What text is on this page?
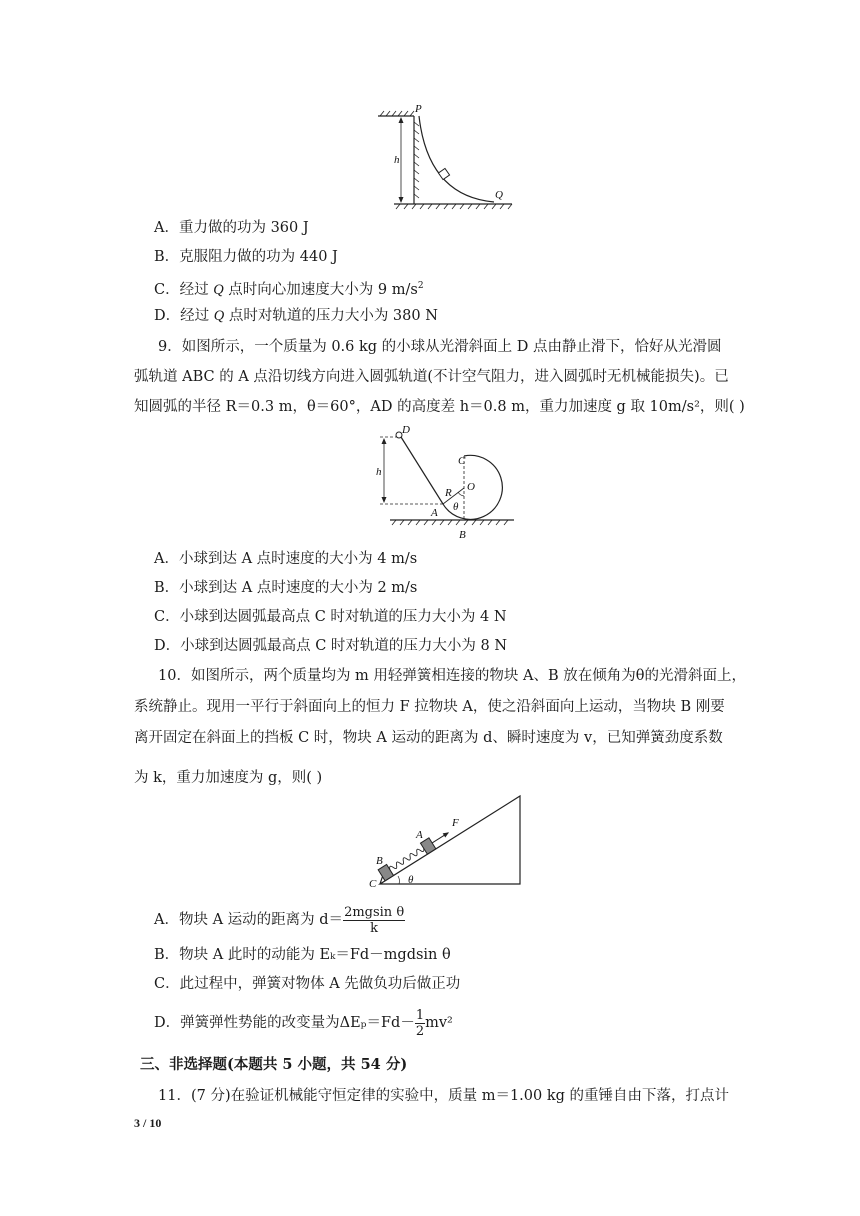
P
h
Q
A．重力做的功为 360 J
B．克服阻力做的功为 440 J
C．经过 Q 点时向心加速度大小为 9 $m/s^2$
D．经过 Q 点时对轨道的压力大小为 380 N
9．如图所示，一个质量为 0.6 kg 的小球从光滑斜面上 D 点由静止滑下，恰好从光滑圆
弧轨道 ABC 的 A 点沿切线方向进入圆弧轨道(不计空气阻力，进入圆弧时无机械能损失)。已
知圆弧的半径 R＝0.3 m，θ＝60°，AD 的高度差 h＝0.8 m，重力加速度 g 取 10m/s²，则( )
D
C
h
O
R
θ
A
B
A．小球到达 A 点时速度的大小为 4 m/s
B．小球到达 A 点时速度的大小为 2 m/s
C．小球到达圆弧最高点 C 时对轨道的压力大小为 4 N
D．小球到达圆弧最高点 C 时对轨道的压力大小为 8 N
10．如图所示，两个质量均为 m 用轻弹簧相连接的物块 A、B 放在倾角为θ的光滑斜面上，
系统静止。现用一平行于斜面向上的恒力 F 拉物块 A，使之沿斜面向上运动，当物块 B 刚要
离开固定在斜面上的挡板 C 时，物块 A 运动的距离为 d、瞬时速度为 v，已知弹簧劲度系数
为 k，重力加速度为 g，则( )
B
C	θ
A
F
A．物块 A 运动的距离为 $d= \frac{\text{2mgsin θ}}{k}$
B．物块 A 此时的动能为 Eₖ＝Fd－mgdsin θ
C．此过程中，弹簧对物体 A 先做负功后做正功
D．弹簧弹性势能的改变量为$\Delta E_p=Fd- \frac{1}{2} mv^2$
三、非选择题(本题共 5 小题，共 54 分)
11．(7 分)在验证机械能守恒定律的实验中，质量 m＝1.00 kg 的重锤自由下落，打点计
3 / 10
